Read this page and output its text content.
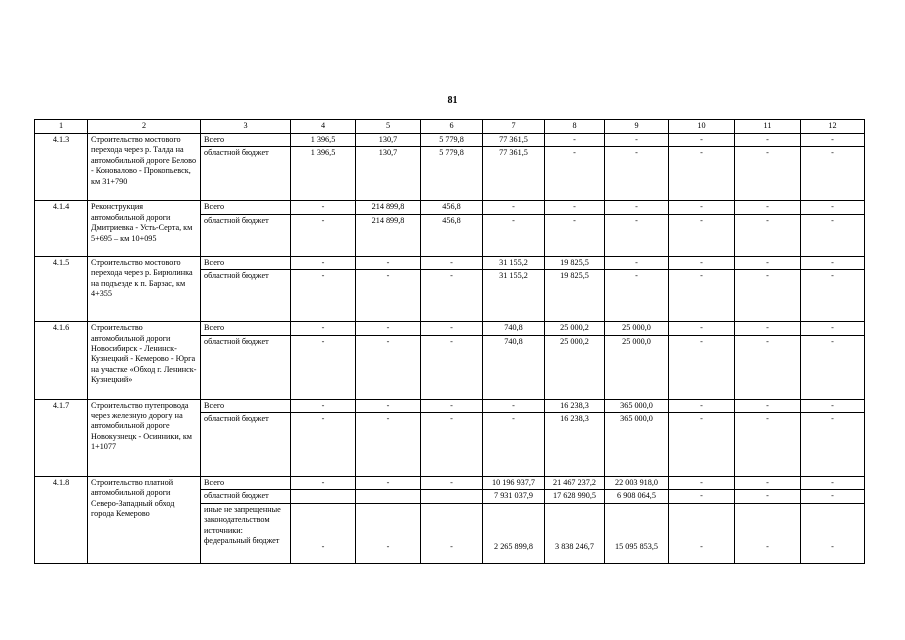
81
1	2	3	4	5	6	7	8	9	10	11	12
4.1.3	Строительство мостового перехода через р. Талда на автомобильной дороге Белово - Коновалово - Прокопьевск, км 31+790	Всего	1 396,5	130,7	5 779,8	77 361,5	-	-	-	-	-
		областной бюджет	1 396,5	130,7	5 779,8	77 361,5	-	-	-	-	-
4.1.4	Реконструкция автомобильной дороги Дмитриевка - Усть-Серта, км 5+695 – км 10+095	Всего	-	214 899,8	456,8	-	-	-	-	-	-
		областной бюджет	-	214 899,8	456,8	-	-	-	-	-	-
4.1.5	Строительство мостового перехода через р. Бирюлинка на подъезде к п. Барзас, км 4+355	Всего	-	-	-	31 155,2	19 825,5	-	-	-	-
		областной бюджет	-	-	-	31 155,2	19 825,5	-	-	-	-
4.1.6	Строительство автомобильной дороги Новосибирск - Ленинск-Кузнецкий - Кемерово - Юрга на участке «Обход г. Ленинск-Кузнецкий»	Всего	-	-	-	740,8	25 000,2	25 000,0	-	-	-
		областной бюджет	-	-	-	740,8	25 000,2	25 000,0	-	-	-
4.1.7	Строительство путепровода через железную дорогу на автомобильной дороге Новокузнецк - Осинники, км 1+1077	Всего	-	-	-	-	16 238,3	365 000,0	-	-	-
		областной бюджет	-	-	-	-	16 238,3	365 000,0	-	-	-
4.1.8	Строительство платной автомобильной дороги Северо-Западный обход города Кемерово	Всего	-	-	-	10 196 937,7	21 467 237,2	22 003 918,0	-	-	-
		областной бюджет				7 931 037,9	17 628 990,5	6 908 064,5	-	-	-
		иные не запрещенные законодательством источники: федеральный бюджет	-	-	-	2 265 899,8	3 838 246,7	15 095 853,5	-	-	-
